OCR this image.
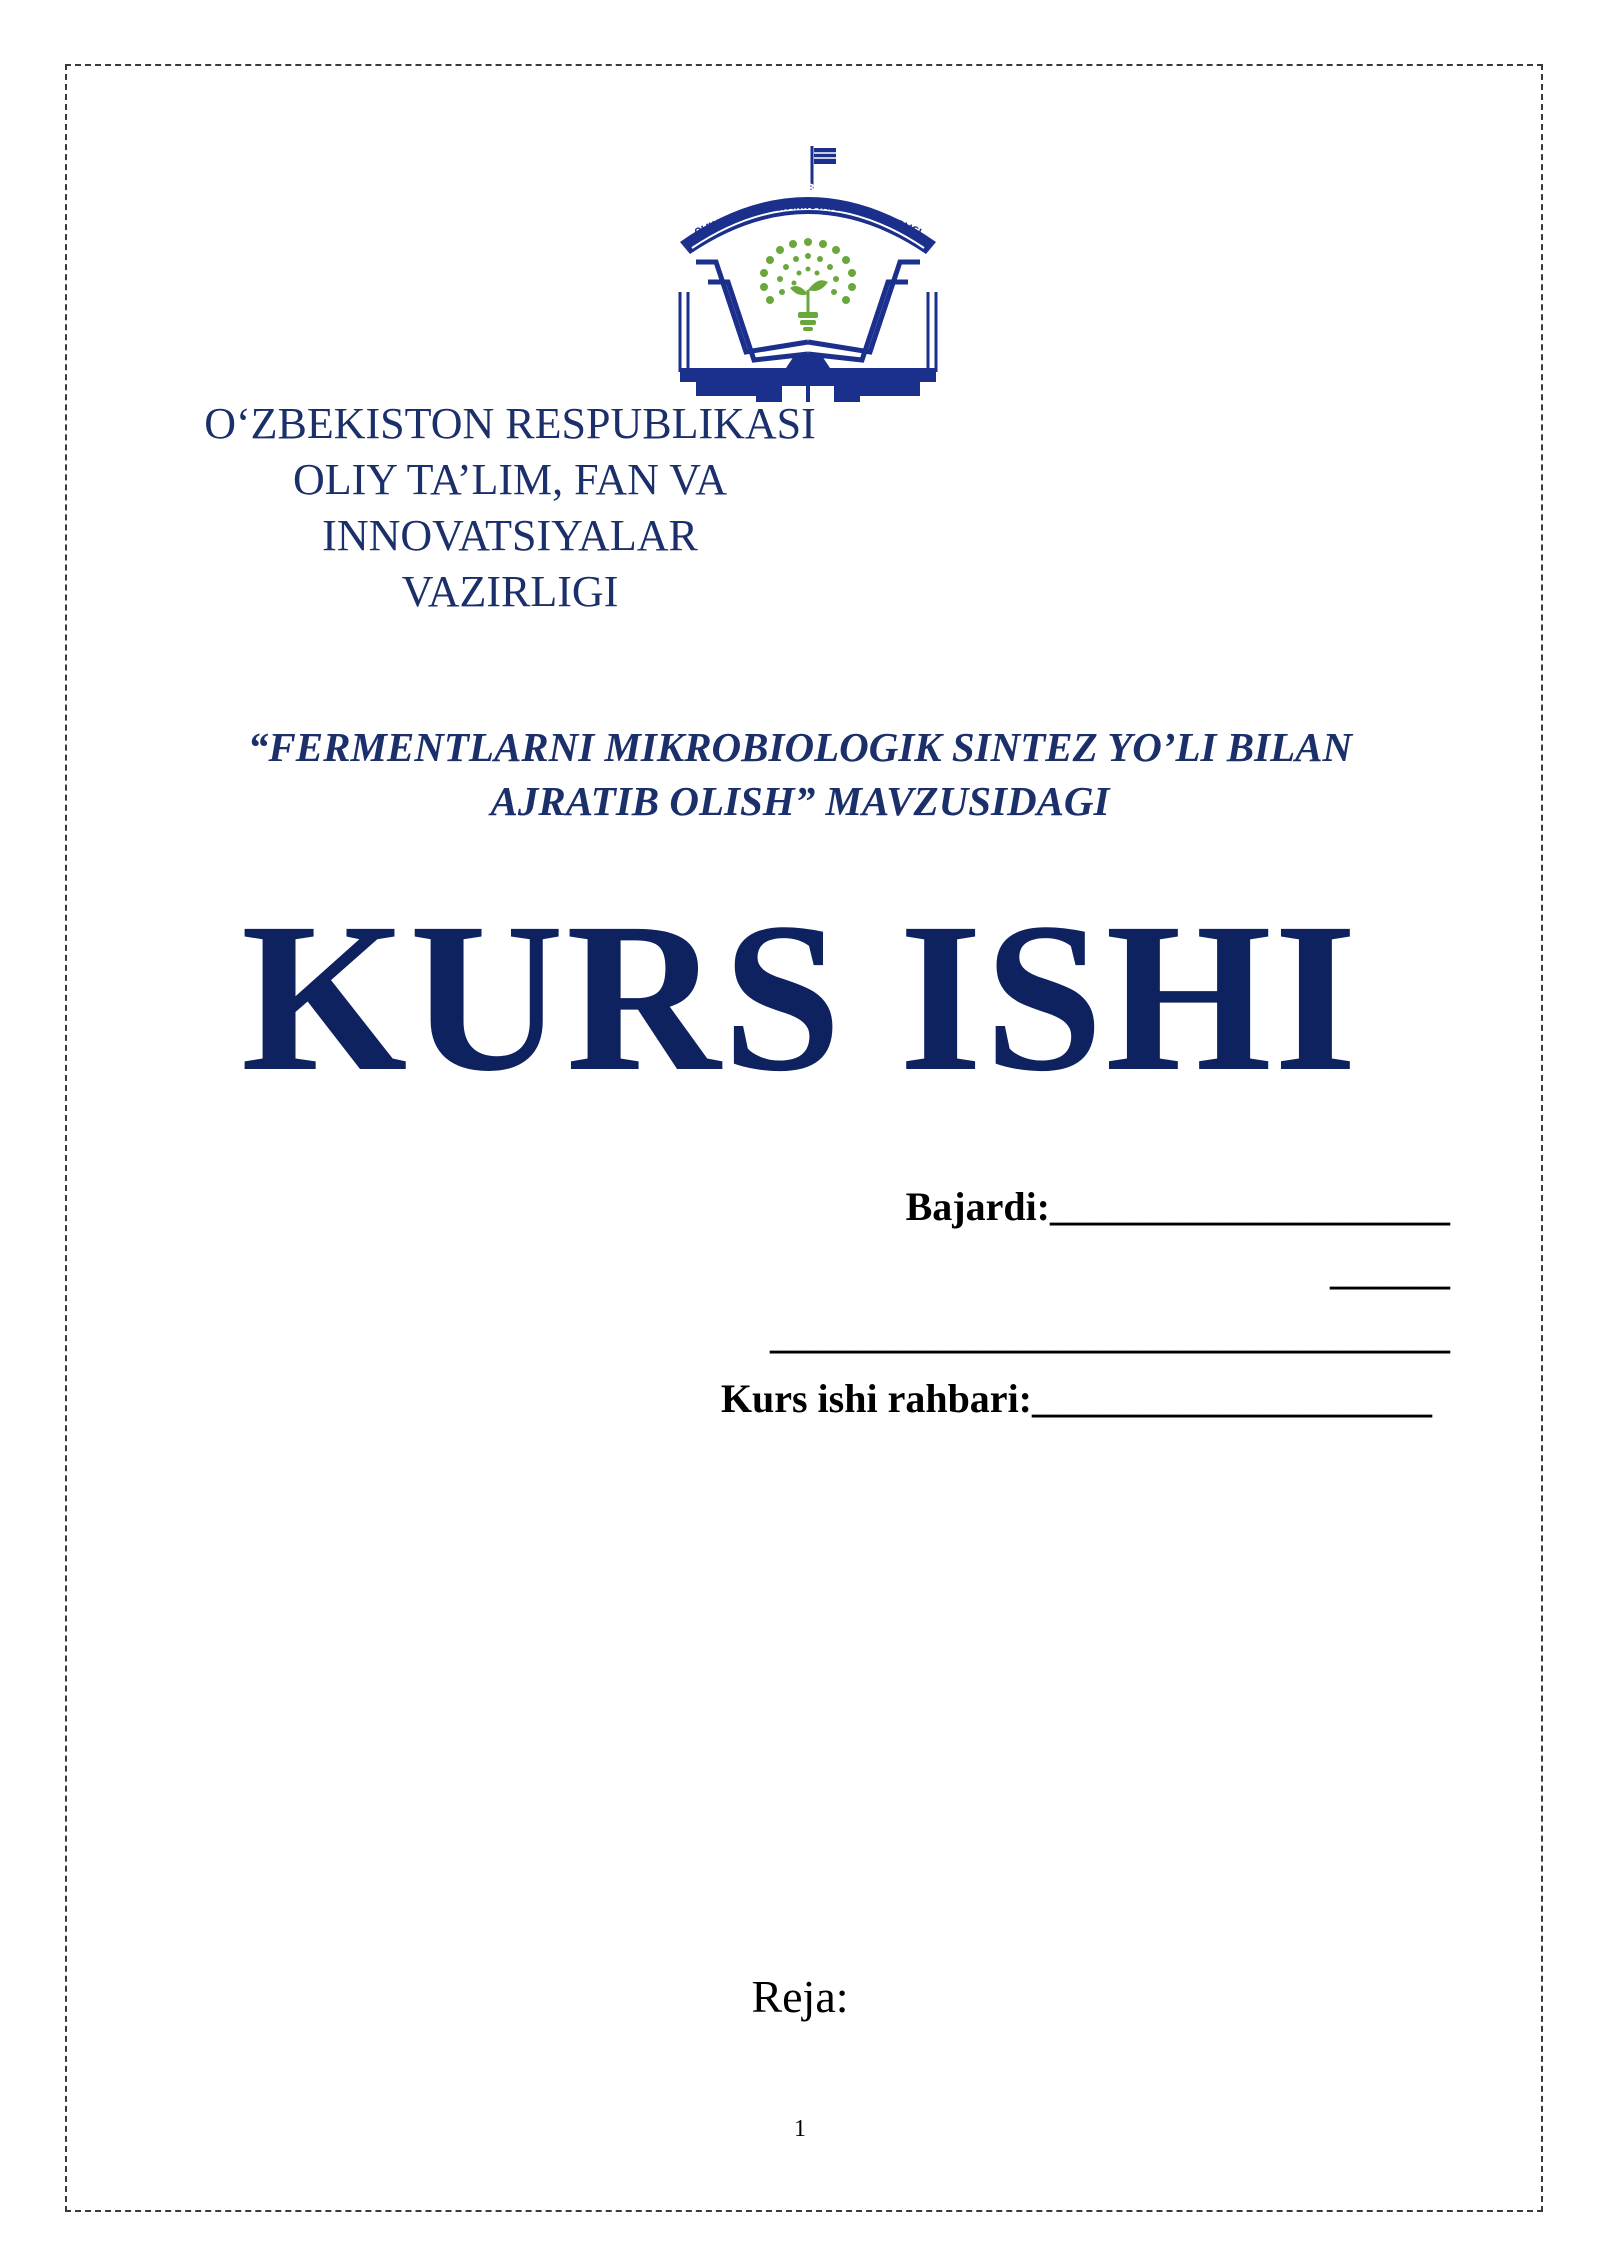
O'ZBEKISTON RESPUBLIKASI
OLIY TA'LIM, FAN VA INNOVATSIYALAR VAZIRLIGI
O‘ZBEKISTON RESPUBLIKASI
OLIY TA’LIM, FAN VA
INNOVATSIYALAR
VAZIRLIGI
“FERMENTLARNI MIKROBIOLOGIK SINTEZ YO’LI BILAN
AJRATIB OLISH” MAVZUSIDAGI
KURS ISHI
Bajardi:____________________
______
__________________________________
Kurs ishi rahbari:____________________
Reja:
1
